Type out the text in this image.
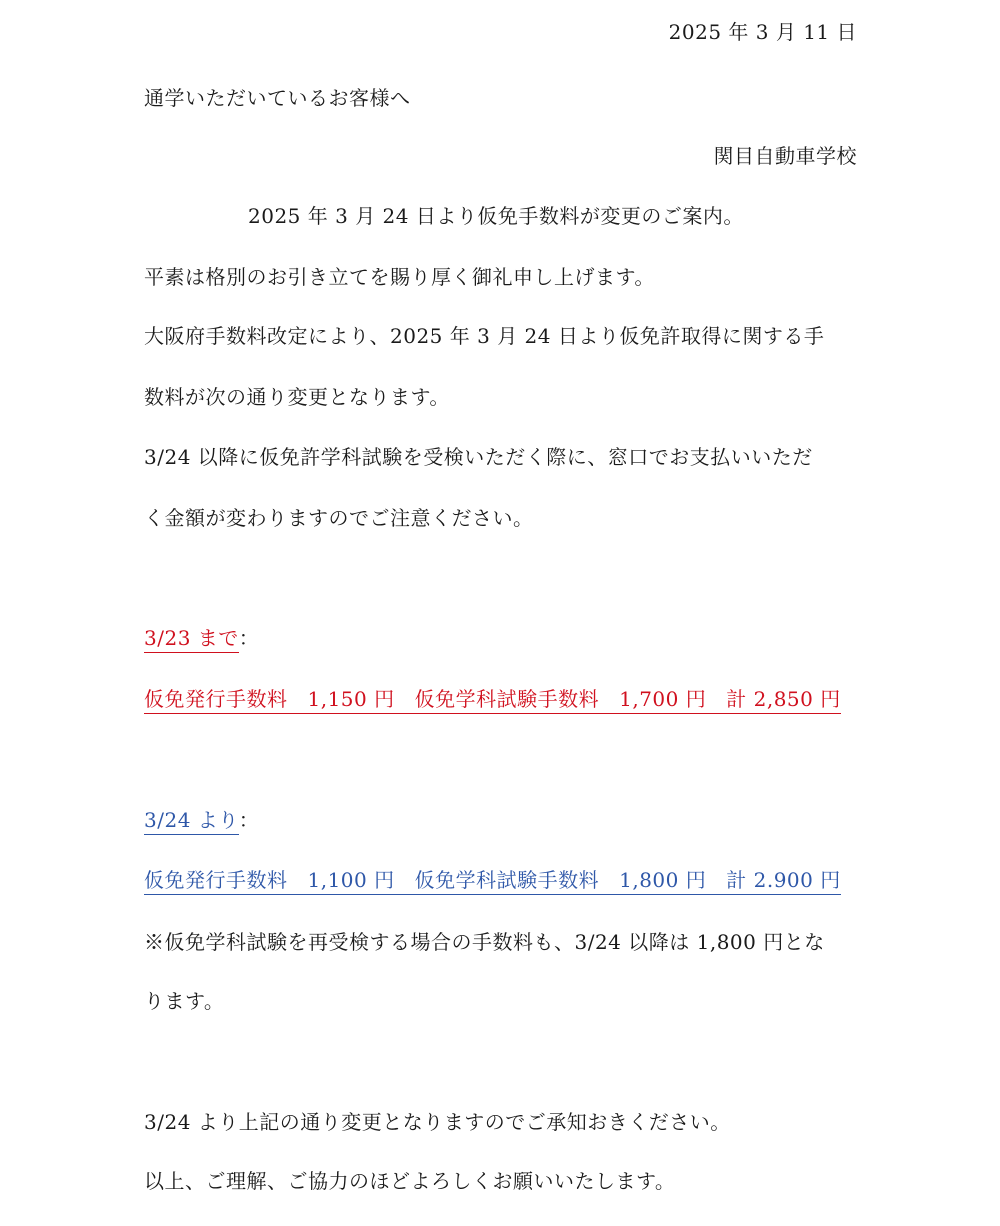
2025 年 3 月 11 日
通学いただいているお客様へ
関目自動車学校
2025 年 3 月 24 日より仮免手数料が変更のご案内。
平素は格別のお引き立てを賜り厚く御礼申し上げます。
大阪府手数料改定により、2025 年 3 月 24 日より仮免許取得に関する手
数料が次の通り変更となります。
3/24 以降に仮免許学科試験を受検いただく際に、窓口でお支払いいただ
く金額が変わりますのでご注意ください。
3/23 まで：
仮免発行手数料 1,150 円 仮免学科試験手数料 1,700 円 計 2,850 円
3/24 より：
仮免発行手数料 1,100 円 仮免学科試験手数料 1,800 円 計 2.900 円
※仮免学科試験を再受検する場合の手数料も、3/24 以降は 1,800 円とな
ります。
3/24 より上記の通り変更となりますのでご承知おきください。
以上、ご理解、ご協力のほどよろしくお願いいたします。
